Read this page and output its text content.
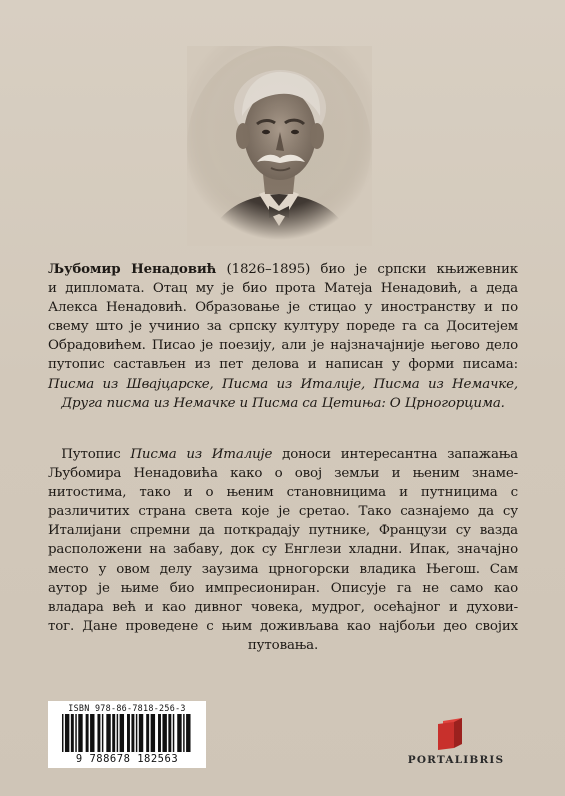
Љубомир Ненадовић (1826–1895) био је српски књижевник
и дипломата. Отац му је био прота Матеја Ненадовић, а деда
Алекса Ненадовић. Образовање је стицао у иностранству и по
свему што је учинио за српску културу пореде га са Доситејем
Обрадовићем. Писао је поезију, али је најзначајније његово дело
путопис састављен из пет делова и написан у форми писама:
Писма из Швајцарске, Писма из Италије, Писма из Немачке,
Друга писма из Немачке и Писма са Цетиња: О Црногорцима.
 Путопис Писма из Италије доноси интересантна запажања
Љубомира Ненадовића како о овој земљи и њеним знаме-
нитостима, тако и о њеним становницима и путницима с
различитих страна света које је сретао. Тако сазнајемо да су
Италијани спремни да поткрадају путнике, Французи су вазда
расположени на забаву, док су Енглези хладни. Ипак, значајно
место у овом делу заузима црногорски владика Његош. Сам
аутор је њиме био импресиониран. Описује га не само као
владара већ и као дивног човека, мудрог, осећајног и духови-
тог. Дане проведене с њим доживљава као најбољи део својих
путовања.
ISBN 978-86-7818-256-3
9 788678 182563	PORTALIBRIS
